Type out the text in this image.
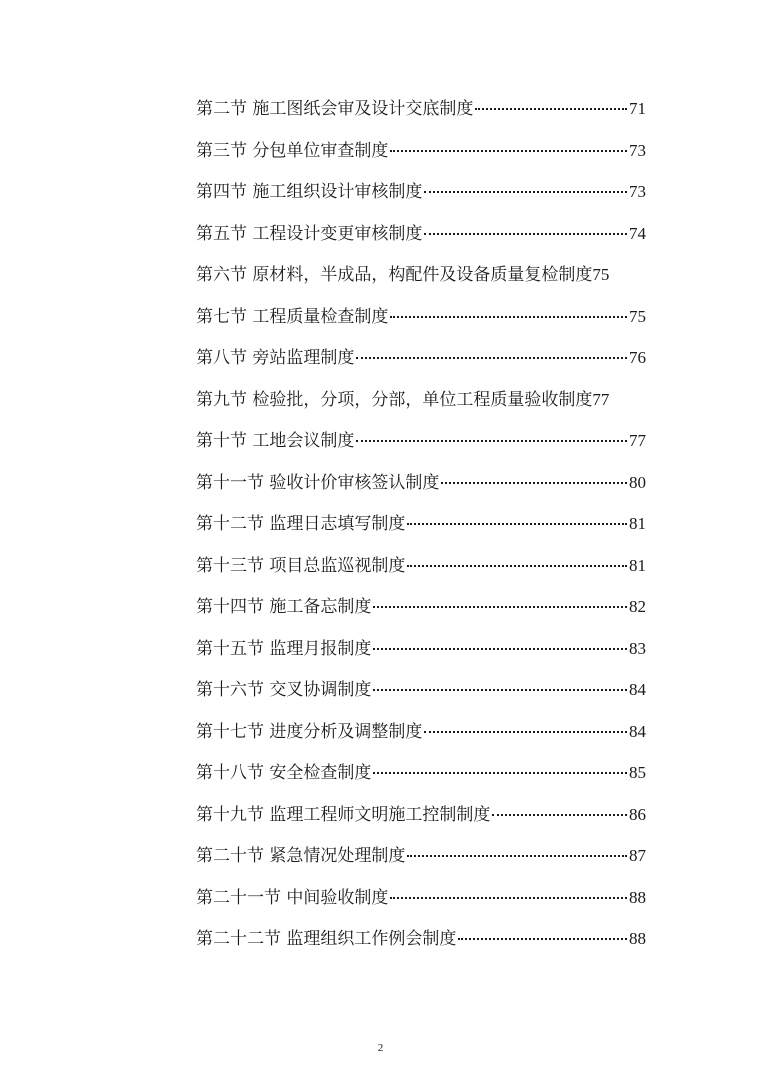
第二节 施工图纸会审及设计交底制度	71
第三节 分包单位审查制度	73
第四节 施工组织设计审核制度	73
第五节 工程设计变更审核制度	74
第六节 原材料，半成品，构配件及设备质量复检制度 75
第七节 工程质量检查制度	75
第八节 旁站监理制度	76
第九节 检验批，分项，分部，单位工程质量验收制度 77
第十节 工地会议制度	77
第十一节 验收计价审核签认制度	80
第十二节 监理日志填写制度	81
第十三节 项目总监巡视制度	81
第十四节 施工备忘制度	82
第十五节 监理月报制度	83
第十六节 交叉协调制度	84
第十七节 进度分析及调整制度	84
第十八节 安全检查制度	85
第十九节 监理工程师文明施工控制制度	86
第二十节 紧急情况处理制度	87
第二十一节 中间验收制度	88
第二十二节 监理组织工作例会制度	88
2
